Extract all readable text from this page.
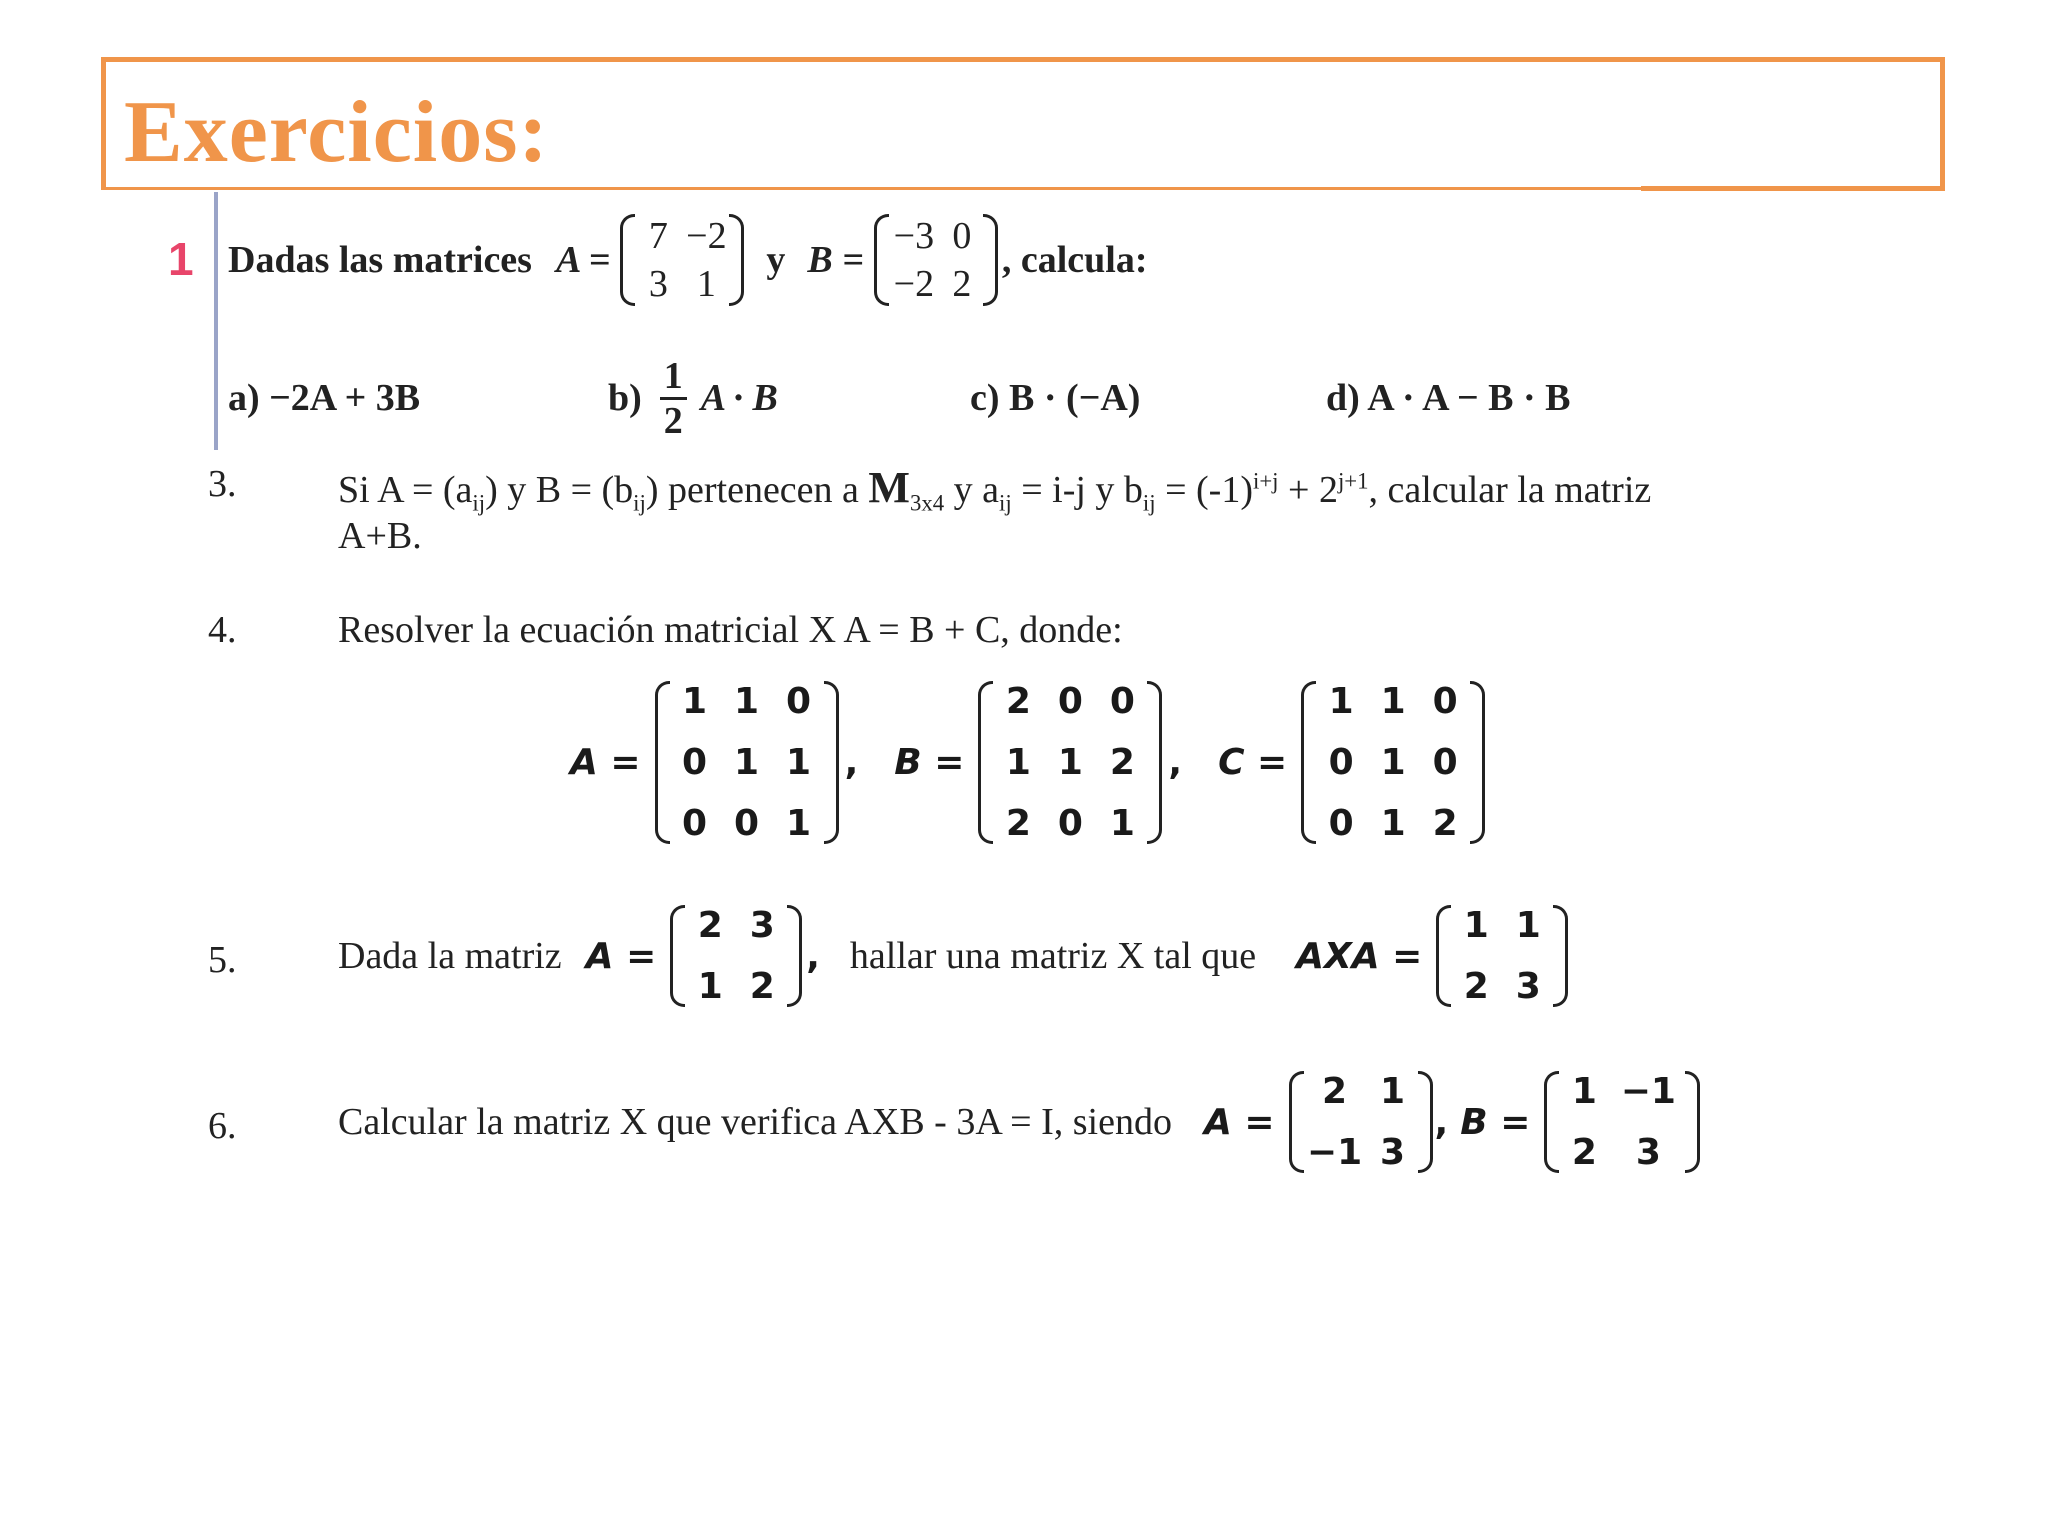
Exercicios:
1 Dadas las matrices A =
7 −2
3 1
y B =
−3 0
−2 2
, calcula:
a) −2A + 3B	$b) \frac{1}{2}$ A · B	c) B · (−A)	d) A · A − B · B
3.	Si $A = (a_{ij})$ y $B = (b_{ij})$ pertenecen a $M_{3x4}$ y $a_{ij} = i-j$ y $b_{ij} = (-1)^{i+j} + 2^{j+1}$, calcular la matriz
A+B.
4.	Resolver la ecuación matricial X A = B + C, donde:
A =
1 1 0
0 1 1
0 0 1
, B =
2 0 0
1 1 2
2 0 1
, C =
1 1 0
0 1 0
0 1 2
5.	Dada la matriz A =
2 3
1 2
, hallar una matriz X tal que AXA =
1 1
2 3
6.	Calcular la matriz X que verifica AXB - 3A = I, siendo A =
2 1
−1 3
, B =
1 −1
2 3
